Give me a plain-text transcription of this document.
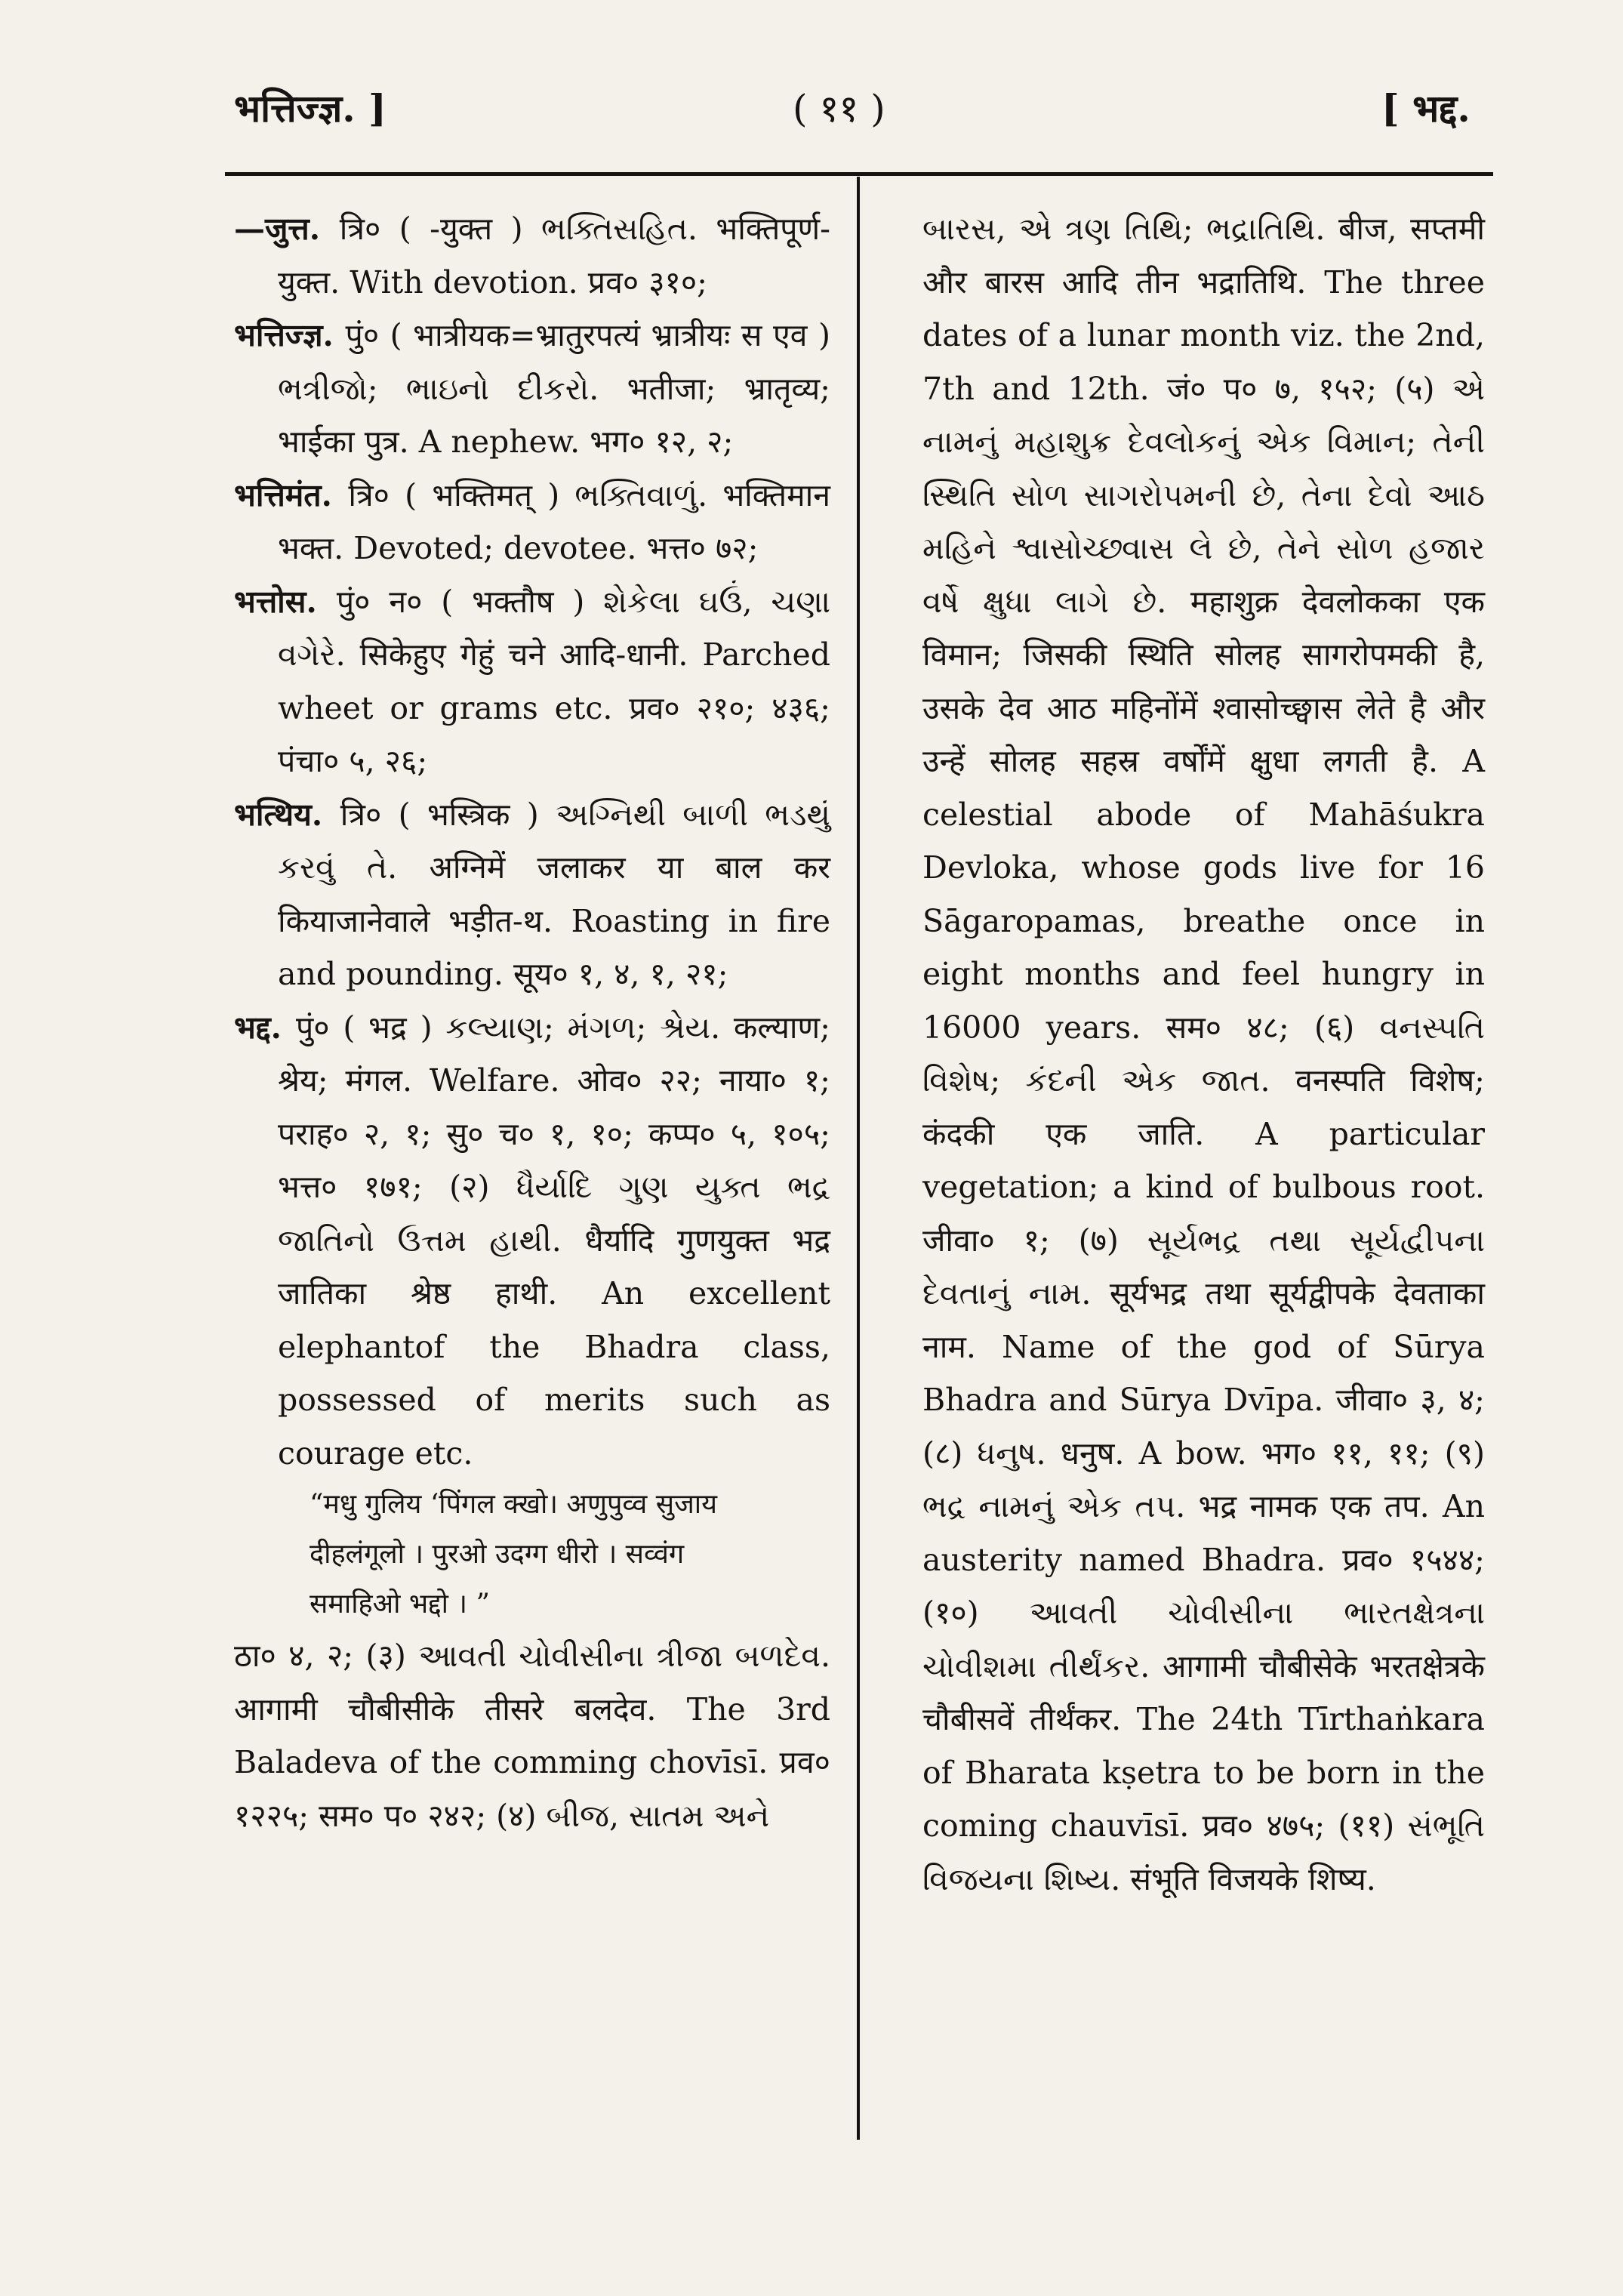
भत्तिज्ज्ञ. ]	( ११ )	[ भद्द.

—जुत्त. त्रि० ( -युक्त ) ભક્તિસહિત. भक्तिपूर्ण-युक्त. With devotion. प्रव० ३१०;

भत्तिज्ज्ञ. पुं० ( भात्रीयक=भ्रातुरपत्यं भ्रात्रीयः स एव ) ભત્રીજો; ભાઇનો દીકરો. भतीजा; भ्रातृव्य; भाईका पुत्र. A nephew. भग० १२, २;

भत्तिमंत. त्रि० ( भक्तिमत् ) ભક્તિવાળું. भक्तिमान भक्त. Devoted; devotee. भत्त० ७२;

भत्तोस. पुं० न० ( भक्तौष ) શેકેલા ઘઉં, ચણા વગેરે. सिकेहुए गेहुं चने आदि-धानी. Parched wheet or grams etc. प्रव० २१०; ४३६; पंचा० ५, २६;

भत्थिय. त्रि० ( भस्त्रिक ) અગ્નિથી બાળી ભડથું કરવું તે. अग्निमें जलाकर या बाल कर कियाजानेवाले भड़ीत-थ. Roasting in fire and pounding. सूय० १, ४, १, २१;

भद्द. पुं० ( भद्र ) કલ્યાણ; મંગળ; શ્રેય. कल्याण; श्रेय; मंगल. Welfare. ओव० २२; नाया० १; पराह० २, १; सु० च० १, १०; कप्प० ५, १०५; भत्त० १७१; (२) ધૈર્યાદિ ગુણ યુક્ત ભદ્ર જાતિનો ઉત્તમ હાથી. धैर्यादि गुणयुक्त भद्र जातिका श्रेष्ठ हाथी. An excellent elephantof the Bhadra class, possessed of merits such as courage etc.

“मधु गुलिय ‘पिंगल क्खो। अणुपुव्व सुजाय
दीहलंगूलो । पुरओ उदग्ग धीरो । सव्वंग
समाहिओ भद्दो । ”

ठा० ४, २; (३) આવતી ચોવીસીના ત્રીજા બળદેવ. आगामी चौबीसीके तीसरे बलदेव. The 3rd Baladeva of the comming chovīsī. प्रव० १२२५; सम० प० २४२; (४) બીજ, સાતમ અને

બારસ, એ ત્રણ તિથિ; ભદ્રાતિથિ. बीज, सप्तमी और बारस आदि तीन भद्रातिथि. The three dates of a lunar month viz. the 2nd, 7th and 12th. जं० प० ७, १५२; (५) એ નામનું મહાશુક્ર દેવલોકનું એક વિમાન; તેની સ્થિતિ સોળ સાગરોપમની છે, તેના દેવો આઠ મહિને શ્વાસોચ્છ્વાસ લે છે, તેને સોળ હજાર વર્ષે ક્ષુધા લાગે છે. महाशुक्र देवलोकका एक विमान; जिसकी स्थिति सोलह सागरोपमकी है, उसके देव आठ महिनोंमें श्वासोच्छ्वास लेते है और उन्हें सोलह सहस्र वर्षोंमें क्षुधा लगती है. A celestial abode of Mahāśukra Devloka, whose gods live for 16 Sāgaropamas, breathe once in eight months and feel hungry in 16000 years. सम० ४८; (६) વનસ્પતિ વિશેષ; કંદની એક જાત. वनस्पति विशेष; कंदकी एक जाति. A particular vegetation; a kind of bulbous root. जीवा० १; (७) સૂર્યભદ્ર તથા સૂર્યદ્વીપના દેવતાનું નામ. सूर्यभद्र तथा सूर्यद्वीपके देवताका नाम. Name of the god of Sūrya Bhadra and Sūrya Dvīpa. जीवा० ३, ४; (८) ધનુષ. धनुष. A bow. भग० ११, ११; (९) ભદ્ર નામનું એક તપ. भद्र नामक एक तप. An austerity named Bhadra. प्रव० १५४४; (१०) આવતી ચોવીસીના ભારતક્ષેત્રના ચોવીશમા તીર્થંકર. आगामी चौबीसेके भरतक्षेत्रके चौबीसवें तीर्थंकर. The 24th Tīrthaṅkara of Bharata kṣetra to be born in the coming chauvīsī. प्रव० ४७५; (११) સંભૂતિ વિજયના શિષ્ય. संभूति विजयके शिष्य.
